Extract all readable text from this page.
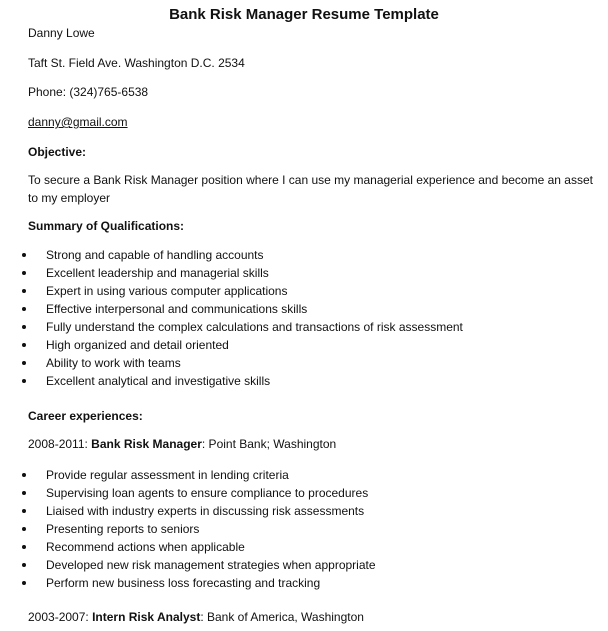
Bank Risk Manager Resume Template
Danny Lowe
Taft St. Field Ave. Washington D.C. 2534
Phone: (324)765-6538
danny@gmail.com
Objective:
To secure a Bank Risk Manager position where I can use my managerial experience and become an asset to my employer
Summary of Qualifications:
Strong and capable of handling accounts
Excellent leadership and managerial skills
Expert in using various computer applications
Effective interpersonal and communications skills
Fully understand the complex calculations and transactions of risk assessment
High organized and detail oriented
Ability to work with teams
Excellent analytical and investigative skills
Career experiences:
2008-2011: Bank Risk Manager: Point Bank; Washington
Provide regular assessment in lending criteria
Supervising loan agents to ensure compliance to procedures
Liaised with industry experts in discussing risk assessments
Presenting reports to seniors
Recommend actions when applicable
Developed new risk management strategies when appropriate
Perform new business loss forecasting and tracking
2003-2007: Intern Risk Analyst: Bank of America, Washington
